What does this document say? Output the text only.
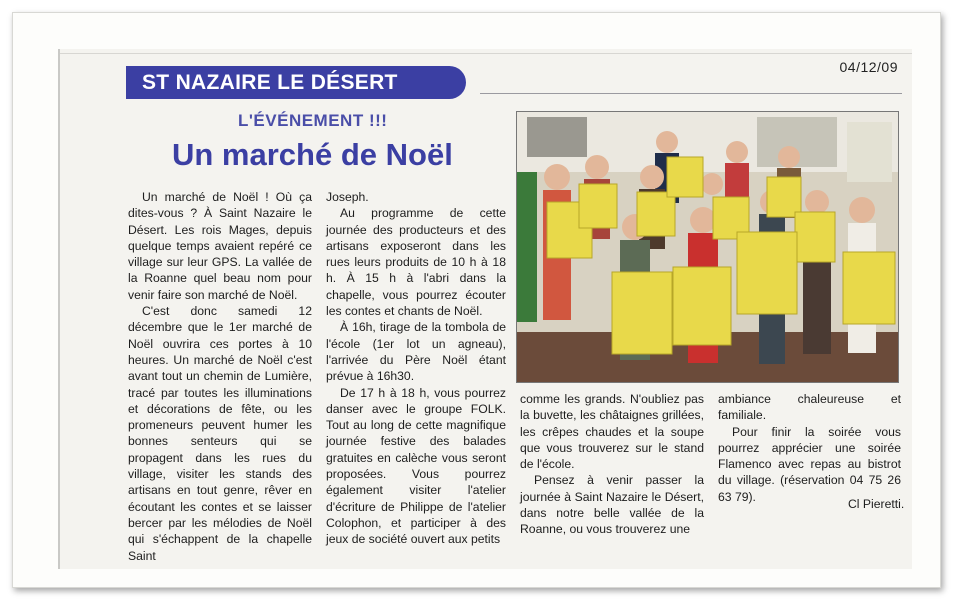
04/12/09
ST NAZAIRE LE DÉSERT
L'ÉVÉNEMENT !!!
Un marché de Noël

Un marché de Noël ! Où ça dites-vous ? À Saint Nazaire le Désert. Les rois Mages, depuis quelque temps avaient repéré ce village sur leur GPS. La vallée de la Roanne quel beau nom pour venir faire son marché de Noël.

C'est donc samedi 12 décembre que le 1er marché de Noël ouvrira ces portes à 10 heures. Un marché de Noël c'est avant tout un chemin de Lumière, tracé par toutes les illuminations et décorations de fête, ou les promeneurs peuvent humer les bonnes senteurs qui se propagent dans les rues du village, visiter les stands des artisans en tout genre, rêver en écoutant les contes et se laisser bercer par les mélodies de Noël qui s'échappent de la chapelle Saint

Joseph.

Au programme de cette journée des producteurs et des artisans exposeront dans les rues leurs produits de 10 h à 18 h. À 15 h à l'abri dans la chapelle, vous pourrez écouter les contes et chants de Noël.

À 16h, tirage de la tombola de l'école (1er lot un agneau), l'arrivée du Père Noël étant prévue à 16h30.

De 17 h à 18 h, vous pourrez danser avec le groupe FOLK. Tout au long de cette magnifique journée festive des balades gratuites en calèche vous seront proposées. Vous pourrez également visiter l'atelier d'écriture de Philippe de l'atelier Colophon, et participer à des jeux de société ouvert aux petits

comme les grands. N'oubliez pas la buvette, les châtaignes grillées, les crêpes chaudes et la soupe que vous trouverez sur le stand de l'école.

Pensez à venir passer la journée à Saint Nazaire le Désert, dans notre belle vallée de la Roanne, ou vous trouverez une

ambiance chaleureuse et familiale.

Pour finir la soirée vous pourrez apprécier une soirée Flamenco avec repas au bistrot du village. (réservation 04 75 26 63 79).

Cl Pieretti.
